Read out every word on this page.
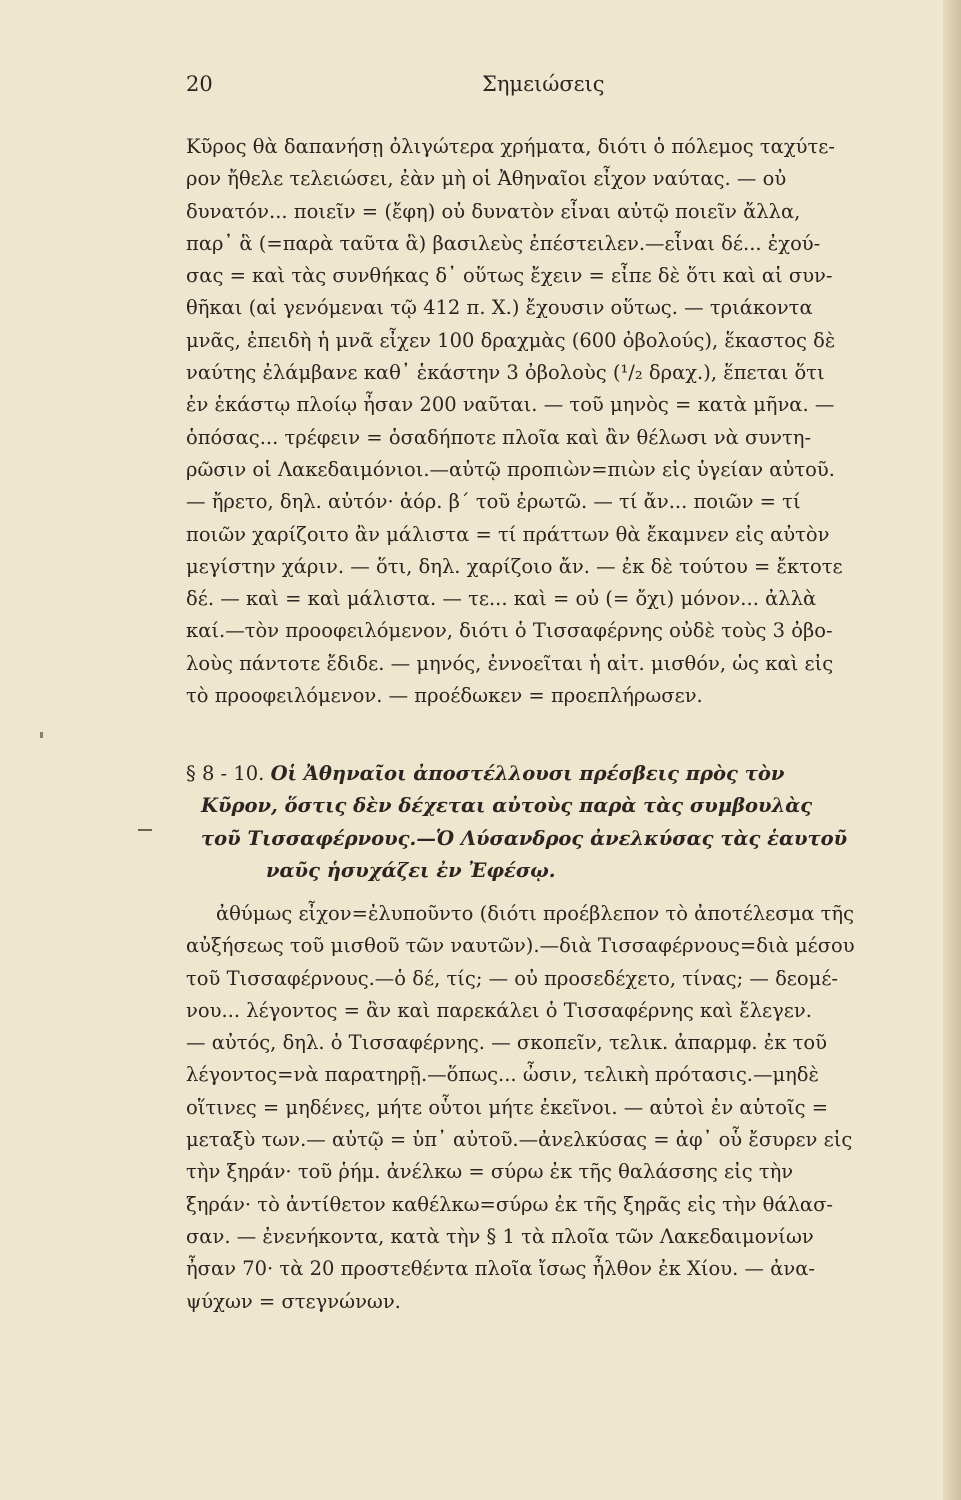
20	Σημειώσεις
Κῦρος θὰ δαπανήσῃ ὀλιγώτερα χρήματα, διότι ὁ πόλεμος ταχύτε-
ρον ἤθελε τελειώσει, ἐὰν μὴ οἱ Ἀθηναῖοι εἶχον ναύτας. — οὐ
δυνατόν... ποιεῖν = (ἔφη) οὐ δυνατὸν εἶναι αὐτῷ ποιεῖν ἄλλα,
παρ᾽ ἃ (=παρὰ ταῦτα ἃ) βασιλεὺς ἐπέστειλεν.—εἶναι δέ... ἐχού-
σας = καὶ τὰς συνθήκας δ᾽ οὕτως ἔχειν = εἶπε δὲ ὅτι καὶ αἱ συν-
θῆκαι (αἱ γενόμεναι τῷ 412 π. Χ.) ἔχουσιν οὕτως. — τριάκοντα
μνᾶς, ἐπειδὴ ἡ μνᾶ εἶχεν 100 δραχμὰς (600 ὀβολούς), ἕκαστος δὲ
ναύτης ἐλάμβανε καθ᾽ ἑκάστην 3 ὀβολοὺς (¹/₂ δραχ.), ἕπεται ὅτι
ἐν ἑκάστῳ πλοίῳ ἦσαν 200 ναῦται. — τοῦ μηνὸς = κατὰ μῆνα. —
ὁπόσας... τρέφειν = ὁσαδήποτε πλοῖα καὶ ἂν θέλωσι νὰ συντη-
ρῶσιν οἱ Λακεδαιμόνιοι.—αὐτῷ προπιὼν=πιὼν εἰς ὑγείαν αὐτοῦ.
— ἤρετο, δηλ. αὐτόν· ἀόρ. β´ τοῦ ἐρωτῶ. — τί ἄν... ποιῶν = τί
ποιῶν χαρίζοιτο ἂν μάλιστα = τί πράττων θὰ ἔκαμνεν εἰς αὐτὸν
μεγίστην χάριν. — ὅτι, δηλ. χαρίζοιο ἄν. — ἐκ δὲ τούτου = ἔκτοτε
δέ. — καὶ = καὶ μάλιστα. — τε... καὶ = οὐ (= ὄχι) μόνον... ἀλλὰ
καί.—τὸν προοφειλόμενον, διότι ὁ Τισσαφέρνης οὐδὲ τοὺς 3 ὀβο-
λοὺς πάντοτε ἔδιδε. — μηνός, ἐννοεῖται ἡ αἰτ. μισθόν, ὡς καὶ εἰς
τὸ προοφειλόμενον. — προέδωκεν = προεπλήρωσεν.
§ 8 - 10. Οἱ Ἀθηναῖοι ἀποστέλλουσι πρέσβεις πρὸς τὸν
Κῦρον, ὅστις δὲν δέχεται αὐτοὺς παρὰ τὰς συμβουλὰς
τοῦ Τισσαφέρνους.—Ὁ Λύσανδρος ἀνελκύσας τὰς ἑαυτοῦ
ναῦς ἡσυχάζει ἐν Ἐφέσῳ.
ἀθύμως εἶχον=ἐλυποῦντο (διότι προέβλεπον τὸ ἀποτέλεσμα τῆς
αὐξήσεως τοῦ μισθοῦ τῶν ναυτῶν).—διὰ Τισσαφέρνους=διὰ μέσου
τοῦ Τισσαφέρνους.—ὁ δέ, τίς; — οὐ προσεδέχετο, τίνας; — δεομέ-
νου... λέγοντος = ἂν καὶ παρεκάλει ὁ Τισσαφέρνης καὶ ἔλεγεν.
— αὐτός, δηλ. ὁ Τισσαφέρνης. — σκοπεῖν, τελικ. ἀπαρμφ. ἐκ τοῦ
λέγοντος=νὰ παρατηρῇ.—ὅπως... ὦσιν, τελικὴ πρότασις.—μηδὲ
οἵτινες = μηδένες, μήτε οὗτοι μήτε ἐκεῖνοι. — αὐτοὶ ἐν αὑτοῖς =
μεταξὺ των.— αὐτῷ = ὑπ᾽ αὐτοῦ.—ἀνελκύσας = ἀφ᾽ οὗ ἔσυρεν εἰς
τὴν ξηράν· τοῦ ῥήμ. ἀνέλκω = σύρω ἐκ τῆς θαλάσσης εἰς τὴν
ξηράν· τὸ ἀντίθετον καθέλκω=σύρω ἐκ τῆς ξηρᾶς εἰς τὴν θάλασ-
σαν. — ἐνενήκοντα, κατὰ τὴν § 1 τὰ πλοῖα τῶν Λακεδαιμονίων
ἦσαν 70· τὰ 20 προστεθέντα πλοῖα ἴσως ἦλθον ἐκ Χίου. — ἀνα-
ψύχων = στεγνώνων.
